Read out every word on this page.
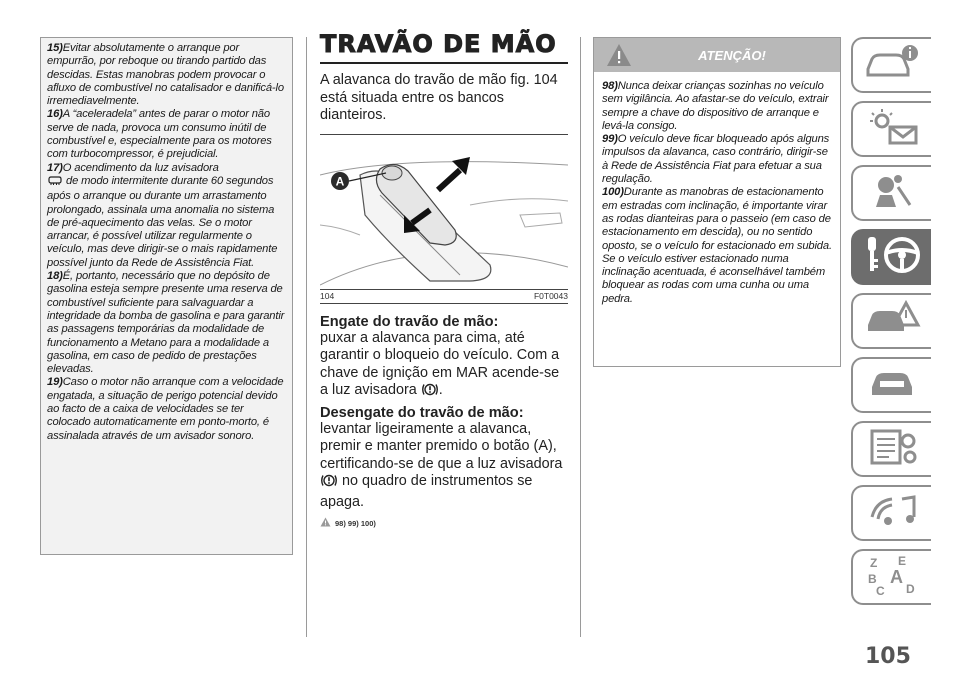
15)Evitar absolutamente o arranque por empurrão, por reboque ou tirando partido das descidas. Estas manobras podem provocar o afluxo de combustível no catalisador e danificá-lo irremediavelmente.

16)A “aceleradela” antes de parar o motor não serve de nada, provoca um consumo inútil de combustível e, especialmente para os motores com turbocompressor, é prejudicial.

17)O acendimento da luz avisadora
de modo intermitente durante 60 segundos após o arranque ou durante um arrastamento prolongado, assinala uma anomalia no sistema de pré-aquecimento das velas. Se o motor arrancar, é possível utilizar regularmente o veículo, mas deve dirigir-se o mais rapidamente possível junto da Rede de Assistência Fiat.

18)É, portanto, necessário que no depósito de gasolina esteja sempre presente uma reserva de combustível suficiente para salvaguardar a integridade da bomba de gasolina e para garantir as passagens temporárias da modalidade de funcionamento a Metano para a modalidade a gasolina, em caso de pedido de prestações elevadas.

19)Caso o motor não arranque com a velocidade engatada, a situação de perigo potencial devido ao facto de a caixa de velocidades se ter colocado automaticamente em ponto-morto, é assinalada através de um avisador sonoro.

TRAVÃO DE MÃO
A alavanca do travão de mão fig. 104 está situada entre os bancos dianteiros.
A
104	F0T0043
Engate do travão de mão:
puxar a alavanca para cima, até garantir o bloqueio do veículo. Com a chave de ignição em MAR acende-se a luz avisadora .
Desengate do travão de mão:
levantar ligeiramente a alavanca, premir e manter premido o botão (A), certificando-se de que a luz avisadora  no quadro de instrumentos se apaga.
98) 99) 100)
ATENÇÃO!

98)Nunca deixar crianças sozinhas no veículo sem vigilância. Ao afastar-se do veículo, extrair sempre a chave do dispositivo de arranque e levá-la consigo.

99)O veículo deve ficar bloqueado após alguns impulsos da alavanca, caso contrário, dirigir-se à Rede de Assistência Fiat para efetuar a sua regulação.

100)Durante as manobras de estacionamento em estradas com inclinação, é importante virar as rodas dianteiras para o passeio (em caso de estacionamento em descida), ou no sentido oposto, se o veículo for estacionado em subida. Se o veículo estiver estacionado numa inclinação acentuada, é aconselhável também bloquear as rodas com uma cunha ou uma pedra.

Z E
B A
C D
105
